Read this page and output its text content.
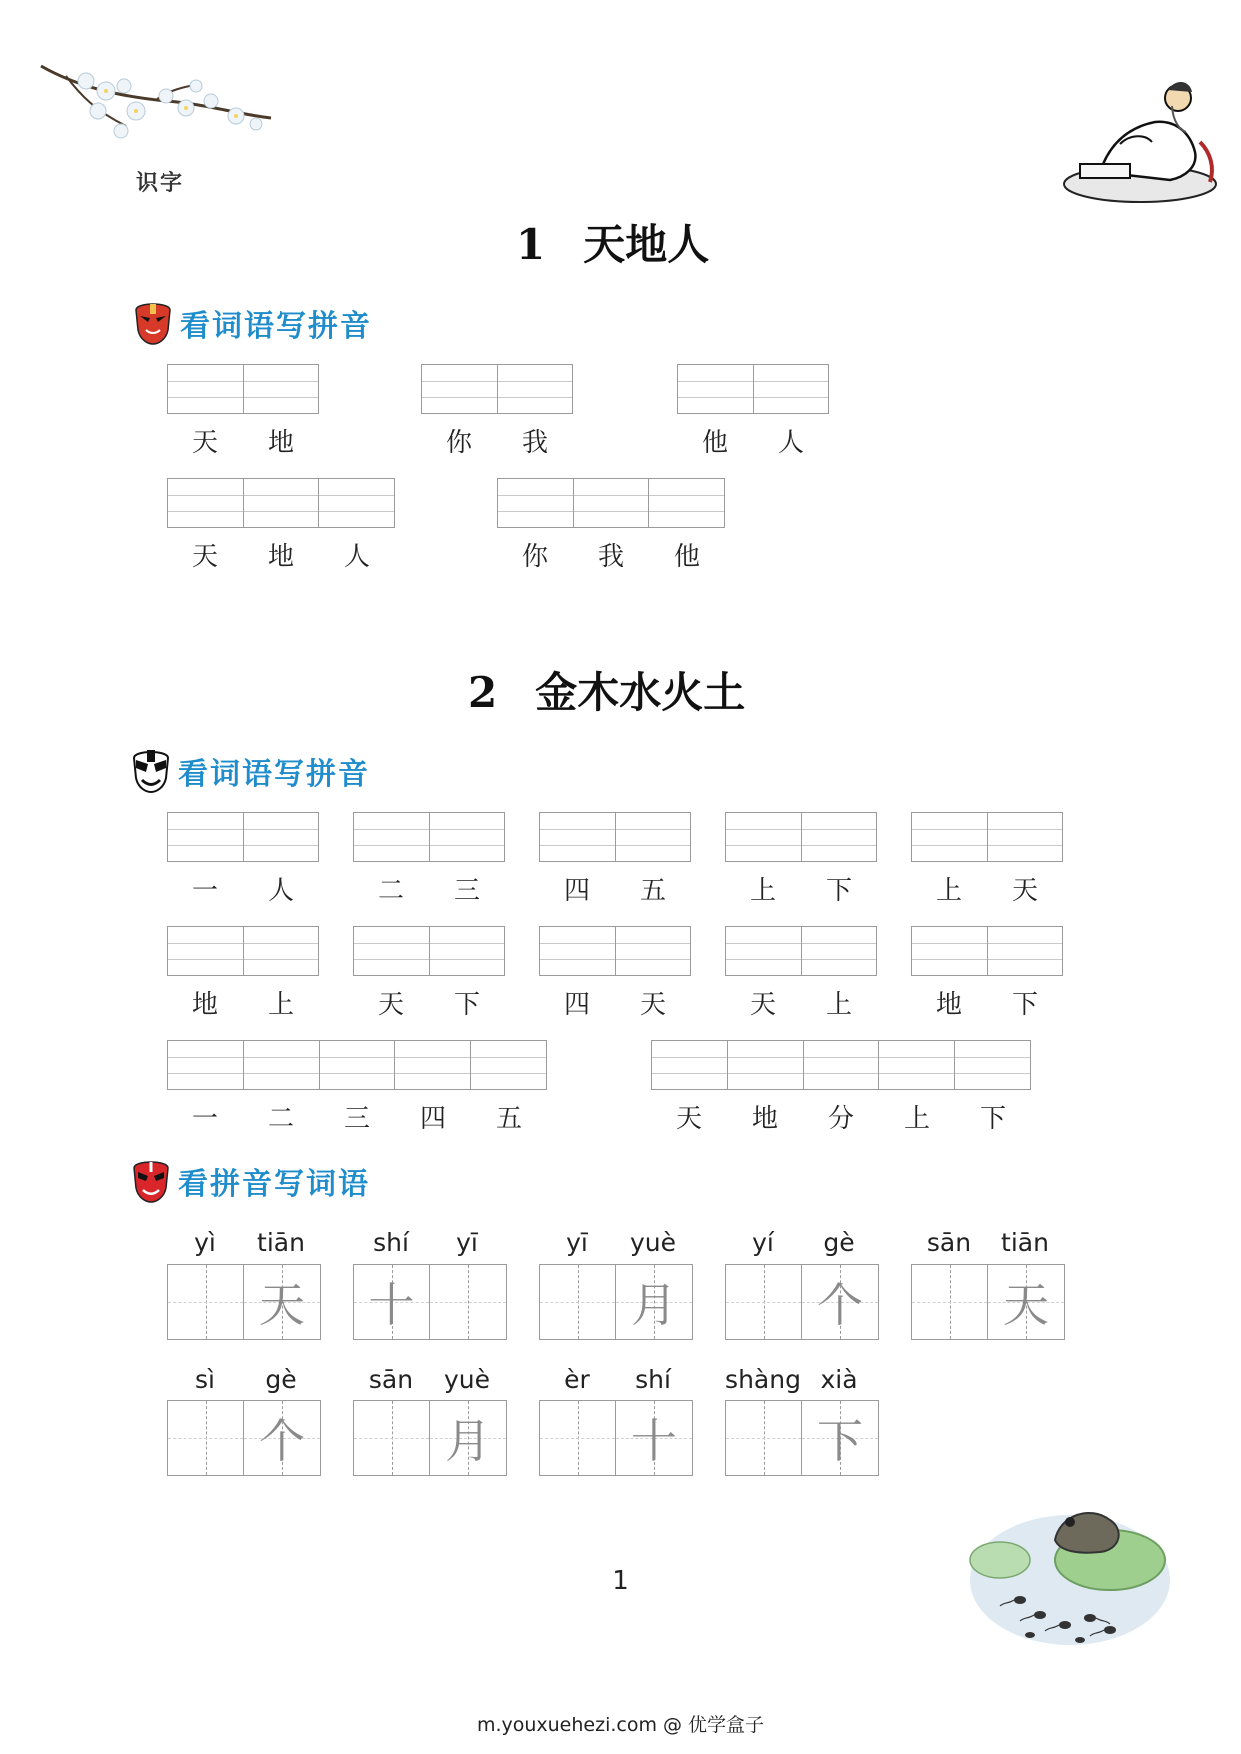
识字
1 天地人
看词语写拼音
天	地	你	我	他	人
天	地	人	你	我	他
2 金木水火土
看词语写拼音
一	人	二	三	四	五	上	下	上	天
地	上	天	下	四	天	天	上	地	下
一	二	三	四	五	天	地	分	上	下
看拼音写词语
yì	tiān
天
shí	yī
十
yī	yuè
月
yí	gè
个
sān	tiān
天
sì	gè
个
sān	yuè
月
èr	shí
十
shàng xià
下
1
m.youxuehezi.com @ 优学盒子
